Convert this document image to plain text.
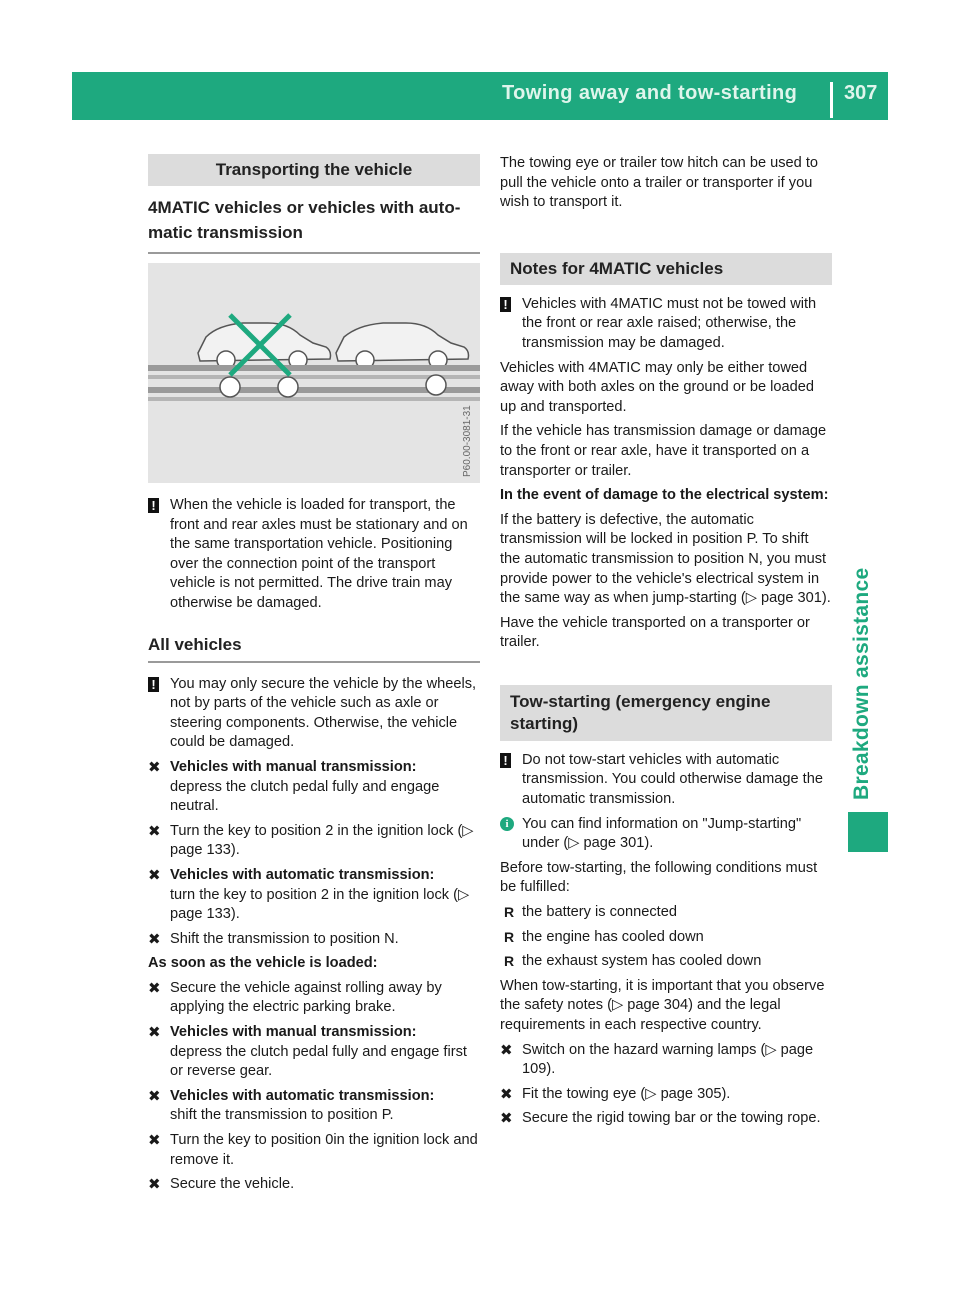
Towing away and tow-starting 307
Breakdown assistance
Transporting the vehicle
4MATIC vehicles or vehicles with auto-
matic transmission
P60.00-3081-31
! When the vehicle is loaded for transport, the front and rear axles must be stationary and on the same transportation vehicle. Positioning over the connection point of the transport vehicle is not permitted. The drive train may otherwise be damaged.
All vehicles
! You may only secure the vehicle by the wheels, not by parts of the vehicle such as axle or steering components. Otherwise, the vehicle could be damaged.
✖ Vehicles with manual transmission:
depress the clutch pedal fully and engage neutral.
✖ Turn the key to position 2 in the ignition lock (▷ page 133).
✖ Vehicles with automatic transmission:
turn the key to position 2 in the ignition lock (▷ page 133).
✖ Shift the transmission to position N.
As soon as the vehicle is loaded:
✖ Secure the vehicle against rolling away by applying the electric parking brake.
✖ Vehicles with manual transmission:
depress the clutch pedal fully and engage first or reverse gear.
✖ Vehicles with automatic transmission:
shift the transmission to position P.
✖ Turn the key to position 0in the ignition lock and remove it.
✖ Secure the vehicle.
The towing eye or trailer tow hitch can be used to pull the vehicle onto a trailer or transporter if you wish to transport it.
Notes for 4MATIC vehicles
! Vehicles with 4MATIC must not be towed with the front or rear axle raised; otherwise, the transmission may be damaged.
Vehicles with 4MATIC may only be either towed away with both axles on the ground or be loaded up and transported.
If the vehicle has transmission damage or damage to the front or rear axle, have it transported on a transporter or trailer.
In the event of damage to the electrical system:
If the battery is defective, the automatic transmission will be locked in position P. To shift the automatic transmission to position N, you must provide power to the vehicle's electrical system in the same way as when jump-starting (▷ page 301).
Have the vehicle transported on a transporter or trailer.
Tow-starting (emergency engine starting)
! Do not tow-start vehicles with automatic transmission. You could otherwise damage the automatic transmission.
i You can find information on "Jump-starting" under (▷ page 301).
Before tow-starting, the following conditions must be fulfilled:
R the battery is connected
R the engine has cooled down
R the exhaust system has cooled down
When tow-starting, it is important that you observe the safety notes (▷ page 304) and the legal requirements in each respective country.
✖ Switch on the hazard warning lamps (▷ page 109).
✖ Fit the towing eye (▷ page 305).
✖ Secure the rigid towing bar or the towing rope.
